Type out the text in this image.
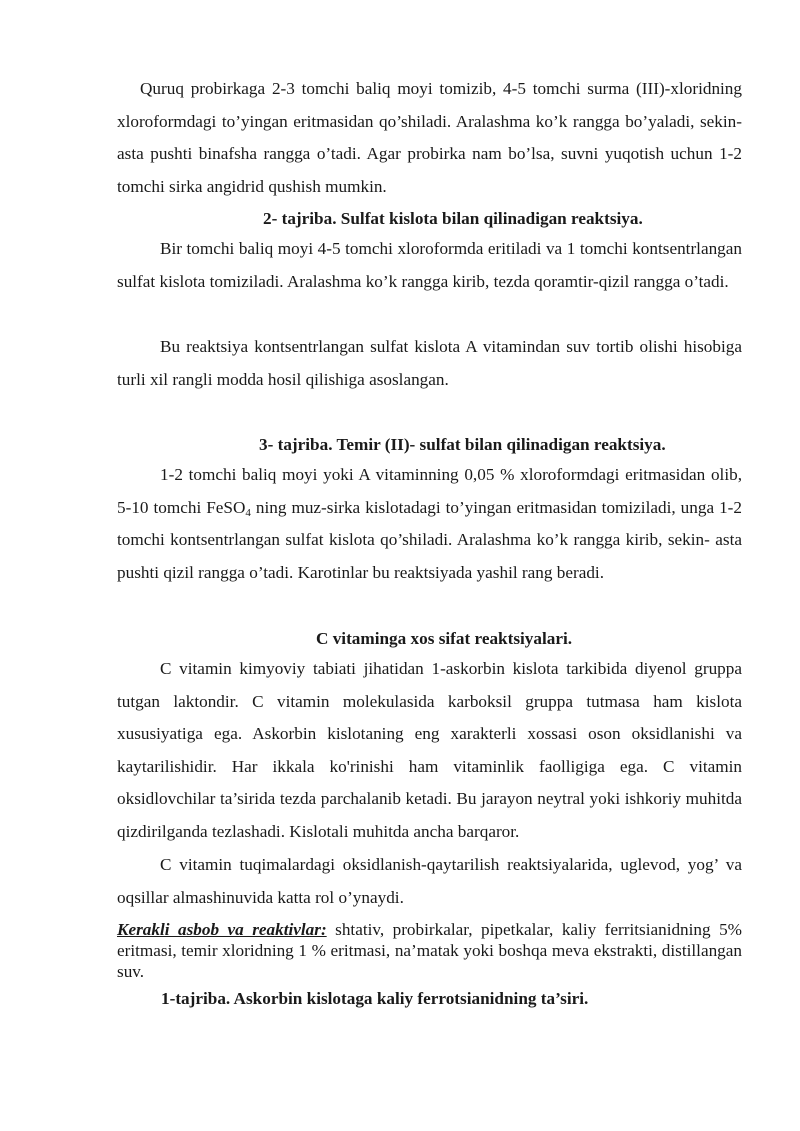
Quruq probirkaga 2-3 tomchi baliq moyi tomizib, 4-5 tomchi surma (III)-xloridning xloroformdagi to’yingan eritmasidan qo’shiladi. Aralashma ko’k rangga bo’yaladi, sekin- asta pushti binafsha rangga o’tadi. Agar probirka nam bo’lsa, suvni yuqotish uchun 1-2 tomchi sirka angidrid qushish mumkin.

2- tajriba. Sulfat kislota bilan qilinadigan reaktsiya.

Bir tomchi baliq moyi 4-5 tomchi xloroformda eritiladi va 1 tomchi kontsentrlangan sulfat kislota tomiziladi. Aralashma ko’k rangga kirib, tezda qoramtir-qizil rangga o’tadi.

Bu reaktsiya kontsentrlangan sulfat kislota A vitamindan suv tortib olishi hisobiga turli xil rangli modda hosil qilishiga asoslangan.

3- tajriba. Temir (II)- sulfat bilan qilinadigan reaktsiya.

1-2 tomchi baliq moyi yoki A vitaminning 0,05 % xloroformdagi eritmasidan olib, 5-10 tomchi FeSO$_4$ ning muz-sirka kislotadagi to’yingan eritmasidan tomiziladi, unga 1-2 tomchi kontsentrlangan sulfat kislota qo’shiladi. Aralashma ko’k rangga kirib, sekin- asta pushti qizil rangga o’tadi. Karotinlar bu reaktsiyada yashil rang beradi.

C vitaminga xos sifat reaktsiyalari.

C vitamin kimyoviy tabiati jihatidan 1-askorbin kislota tarkibida diyenol gruppa tutgan laktondir. C vitamin molekulasida karboksil gruppa tutmasa ham kislota xususiyatiga ega. Askorbin kislotaning eng xarakterli xossasi oson oksidlanishi va kaytarilishidir. Har ikkala ko'rinishi ham vitaminlik faolligiga ega. C vitamin oksidlovchilar ta’sirida tezda parchalanib ketadi. Bu jarayon neytral yoki ishkoriy muhitda qizdirilganda tezlashadi. Kislotali muhitda ancha barqaror.

C vitamin tuqimalardagi oksidlanish-qaytarilish reaktsiyalarida, uglevod, yog’ va oqsillar almashinuvida katta rol o’ynaydi.

Kerakli asbob va reaktivlar: shtativ, probirkalar, pipetkalar, kaliy ferritsianidning 5% eritmasi, temir xloridning 1 % eritmasi, na’matak yoki boshqa meva ekstrakti, distillangan suv.

1-tajriba. Askorbin kislotaga kaliy ferrotsianidning ta’siri.
